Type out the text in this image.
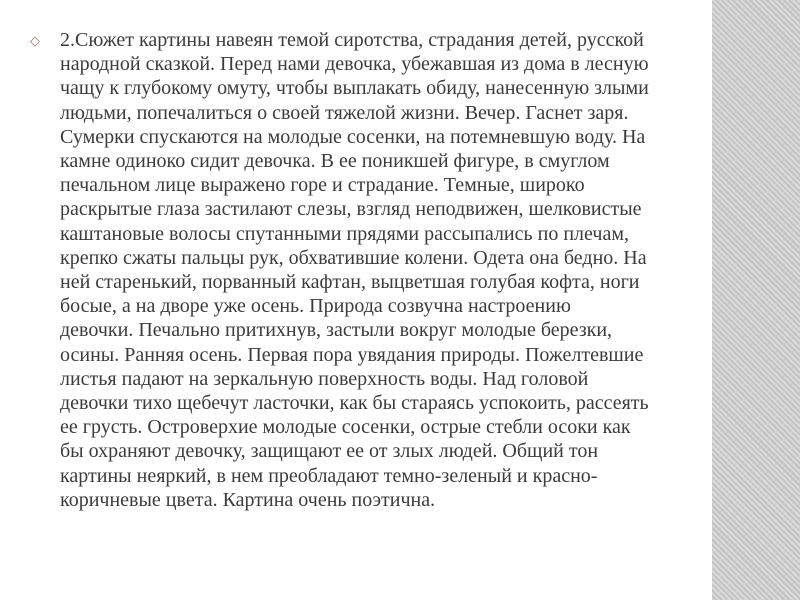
◇ 2.Сюжет картины навеян темой сиротства, страдания детей, русской
народной сказкой. Перед нами девочка, убежавшая из дома в лесную
чащу к глубокому омуту, чтобы выплакать обиду, нанесенную злыми
людьми, попечалиться о своей тяжелой жизни. Вечер. Гаснет заря.
Сумерки спускаются на молодые сосенки, на потемневшую воду. На
камне одиноко сидит девочка. В ее поникшей фигуре, в смуглом
печальном лице выражено горе и страдание. Темные, широко
раскрытые глаза застилают слезы, взгляд неподвижен, шелковистые
каштановые волосы спутанными прядями рассыпались по плечам,
крепко сжаты пальцы рук, обхватившие колени. Одета она бедно. На
ней старенький, порванный кафтан, выцветшая голубая кофта, ноги
босые, а на дворе уже осень. Природа созвучна настроению
девочки. Печально притихнув, застыли вокруг молодые березки,
осины. Ранняя осень. Первая пора увядания природы. Пожелтевшие
листья падают на зеркальную поверхность воды. Над головой
девочки тихо щебечут ласточки, как бы стараясь успокоить, рассеять
ее грусть. Островерхие молодые сосенки, острые стебли осоки как
бы охраняют девочку, защищают ее от злых людей. Общий тон
картины неяркий, в нем преобладают темно-зеленый и красно-
коричневые цвета. Картина очень поэтична.
